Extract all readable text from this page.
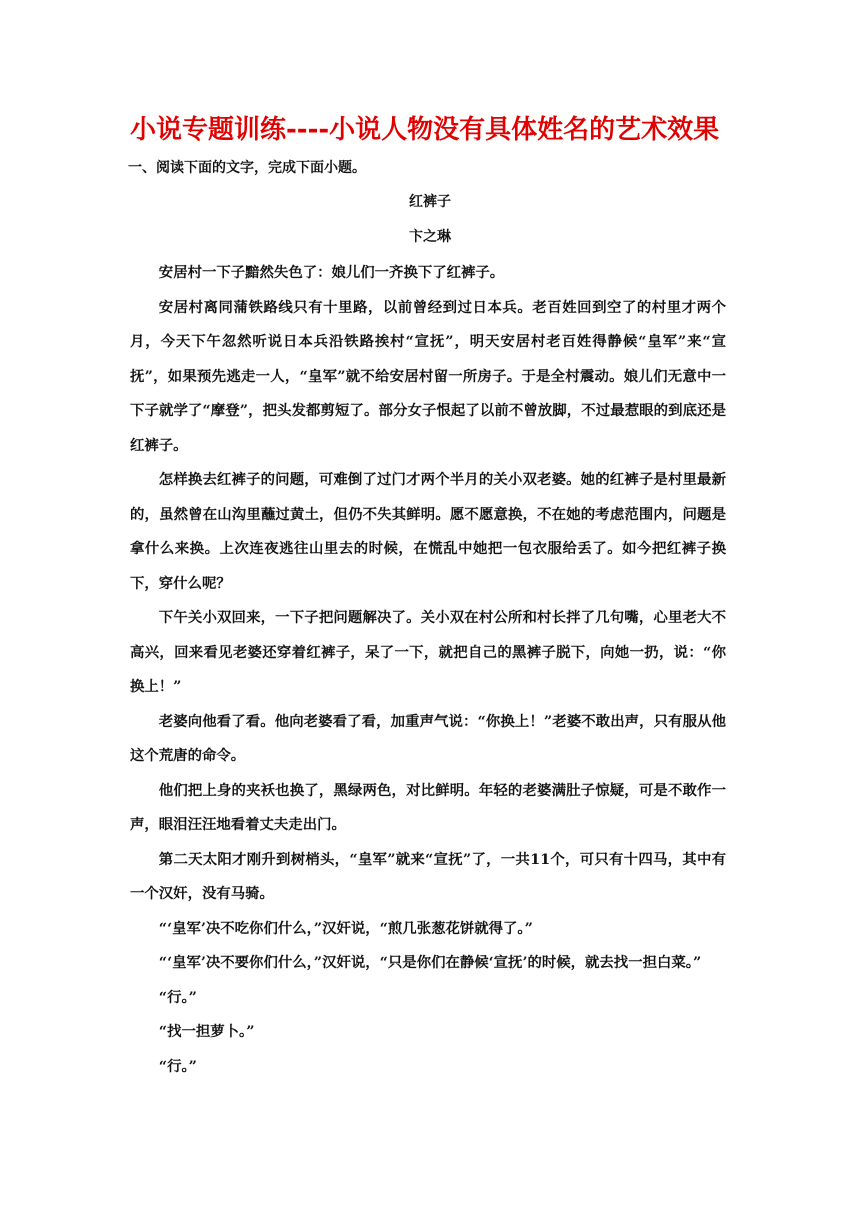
小说专题训练----小说人物没有具体姓名的艺术效果
一、阅读下面的文字，完成下面小题。
红裤子
卞之琳

安居村一下子黯然失色了：娘儿们一齐换下了红裤子。

安居村离同蒲铁路线只有十里路，以前曾经到过日本兵。老百姓回到空了的村里才两个月，今天下午忽然听说日本兵沿铁路挨村“宣抚”，明天安居村老百姓得静候“皇军”来“宣抚”，如果预先逃走一人，“皇军”就不给安居村留一所房子。于是全村震动。娘儿们无意中一下子就学了“摩登”，把头发都剪短了。部分女子恨起了以前不曾放脚，不过最惹眼的到底还是红裤子。

怎样换去红裤子的问题，可难倒了过门才两个半月的关小双老婆。她的红裤子是村里最新的，虽然曾在山沟里蘸过黄土，但仍不失其鲜明。愿不愿意换，不在她的考虑范围内，问题是拿什么来换。上次连夜逃往山里去的时候，在慌乱中她把一包衣服给丢了。如今把红裤子换下，穿什么呢？

下午关小双回来，一下子把问题解决了。关小双在村公所和村长拌了几句嘴，心里老大不高兴，回来看见老婆还穿着红裤子，呆了一下，就把自己的黑裤子脱下，向她一扔，说：“你换上！”

老婆向他看了看。他向老婆看了看，加重声气说：“你换上！”老婆不敢出声，只有服从他这个荒唐的命令。

他们把上身的夹袄也换了，黑绿两色，对比鲜明。年轻的老婆满肚子惊疑，可是不敢作一声，眼泪汪汪地看着丈夫走出门。

第二天太阳才刚升到树梢头，“皇军”就来“宣抚”了，一共11个，可只有十四马，其中有一个汉奸，没有马骑。

“‘皇军’决不吃你们什么，”汉奸说，“煎几张葱花饼就得了。”

“‘皇军’决不要你们什么，”汉奸说，“只是你们在静候‘宣抚’的时候，就去找一担白菜。”

“行。”

“找一担萝卜。”

“行。”
